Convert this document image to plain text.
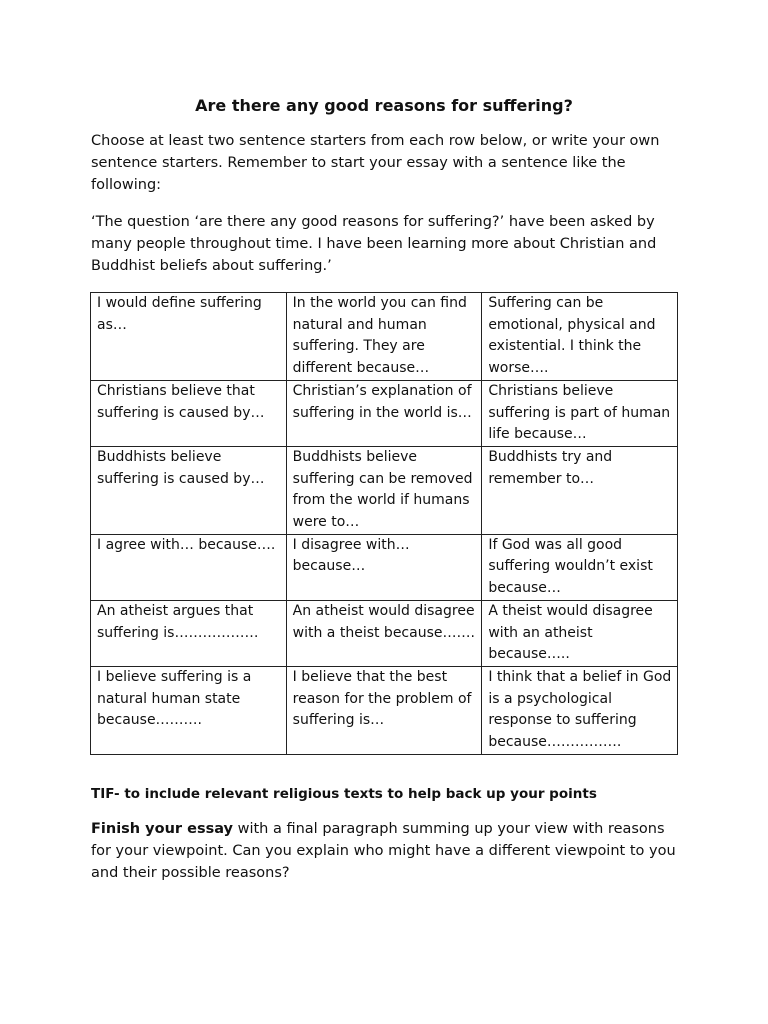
Are there any good reasons for suffering?
Choose at least two sentence starters from each row below, or write your own sentence starters. Remember to start your essay with a sentence like the following:
‘The question ‘are there any good reasons for suffering?’ have been asked by many people throughout time. I have been learning more about Christian and Buddhist beliefs about suffering.’
I would define suffering as…	In the world you can find natural and human suffering. They are different because…	Suffering can be emotional, physical and existential. I think the worse….
Christians believe that suffering is caused by…	Christian’s explanation of suffering in the world is…	Christians believe suffering is part of human life because…
Buddhists believe suffering is caused by…	Buddhists believe suffering can be removed from the world if humans were to…	Buddhists try and remember to…
I agree with… because….	I disagree with… because…	If God was all good suffering wouldn’t exist because…
An atheist argues that suffering is………………	An atheist would disagree with a theist because…….	A theist would disagree with an atheist because…..
I believe suffering is a natural human state because……….	I believe that the best reason for the problem of suffering is…	I think that a belief in God is a psychological response to suffering because…………….
TIF- to include relevant religious texts to help back up your points
Finish your essay with a final paragraph summing up your view with reasons for your viewpoint. Can you explain who might have a different viewpoint to you and their possible reasons?
